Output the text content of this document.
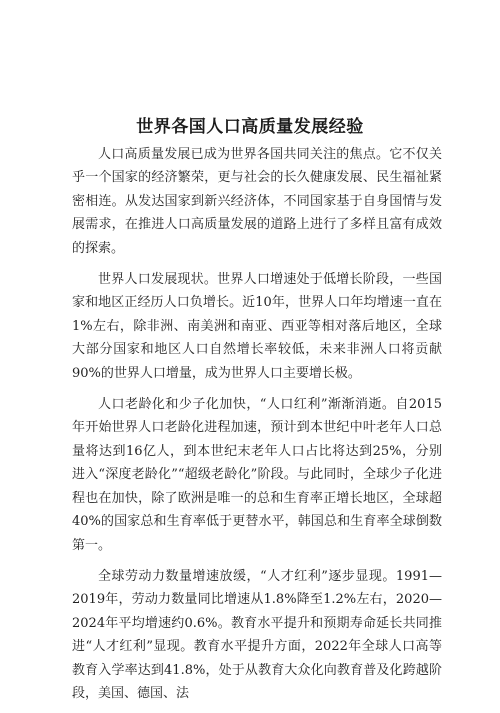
世界各国人口高质量发展经验

人口高质量发展已成为世界各国共同关注的焦点。它不仅关乎一个国家的经济繁荣，更与社会的长久健康发展、民生福祉紧密相连。从发达国家到新兴经济体，不同国家基于自身国情与发展需求，在推进人口高质量发展的道路上进行了多样且富有成效的探索。

世界人口发展现状。世界人口增速处于低增长阶段，一些国家和地区正经历人口负增长。近10年，世界人口年均增速一直在1%左右，除非洲、南美洲和南亚、西亚等相对落后地区，全球大部分国家和地区人口自然增长率较低，未来非洲人口将贡献90%的世界人口增量，成为世界人口主要增长极。

人口老龄化和少子化加快，“人口红利”渐渐消逝。自2015年开始世界人口老龄化进程加速，预计到本世纪中叶老年人口总量将达到16亿人，到本世纪末老年人口占比将达到25%，分别进入“深度老龄化”“超级老龄化”阶段。与此同时，全球少子化进程也在加快，除了欧洲是唯一的总和生育率正增长地区，全球超40%的国家总和生育率低于更替水平，韩国总和生育率全球倒数第一。

全球劳动力数量增速放缓，“人才红利”逐步显现。1991—2019年，劳动力数量同比增速从1.8%降至1.2%左右，2020—2024年平均增速约0.6%。教育水平提升和预期寿命延长共同推进“人才红利”显现。教育水平提升方面，2022年全球人口高等教育入学率达到41.8%，处于从教育大众化向教育普及化跨越阶段，美国、德国、法
